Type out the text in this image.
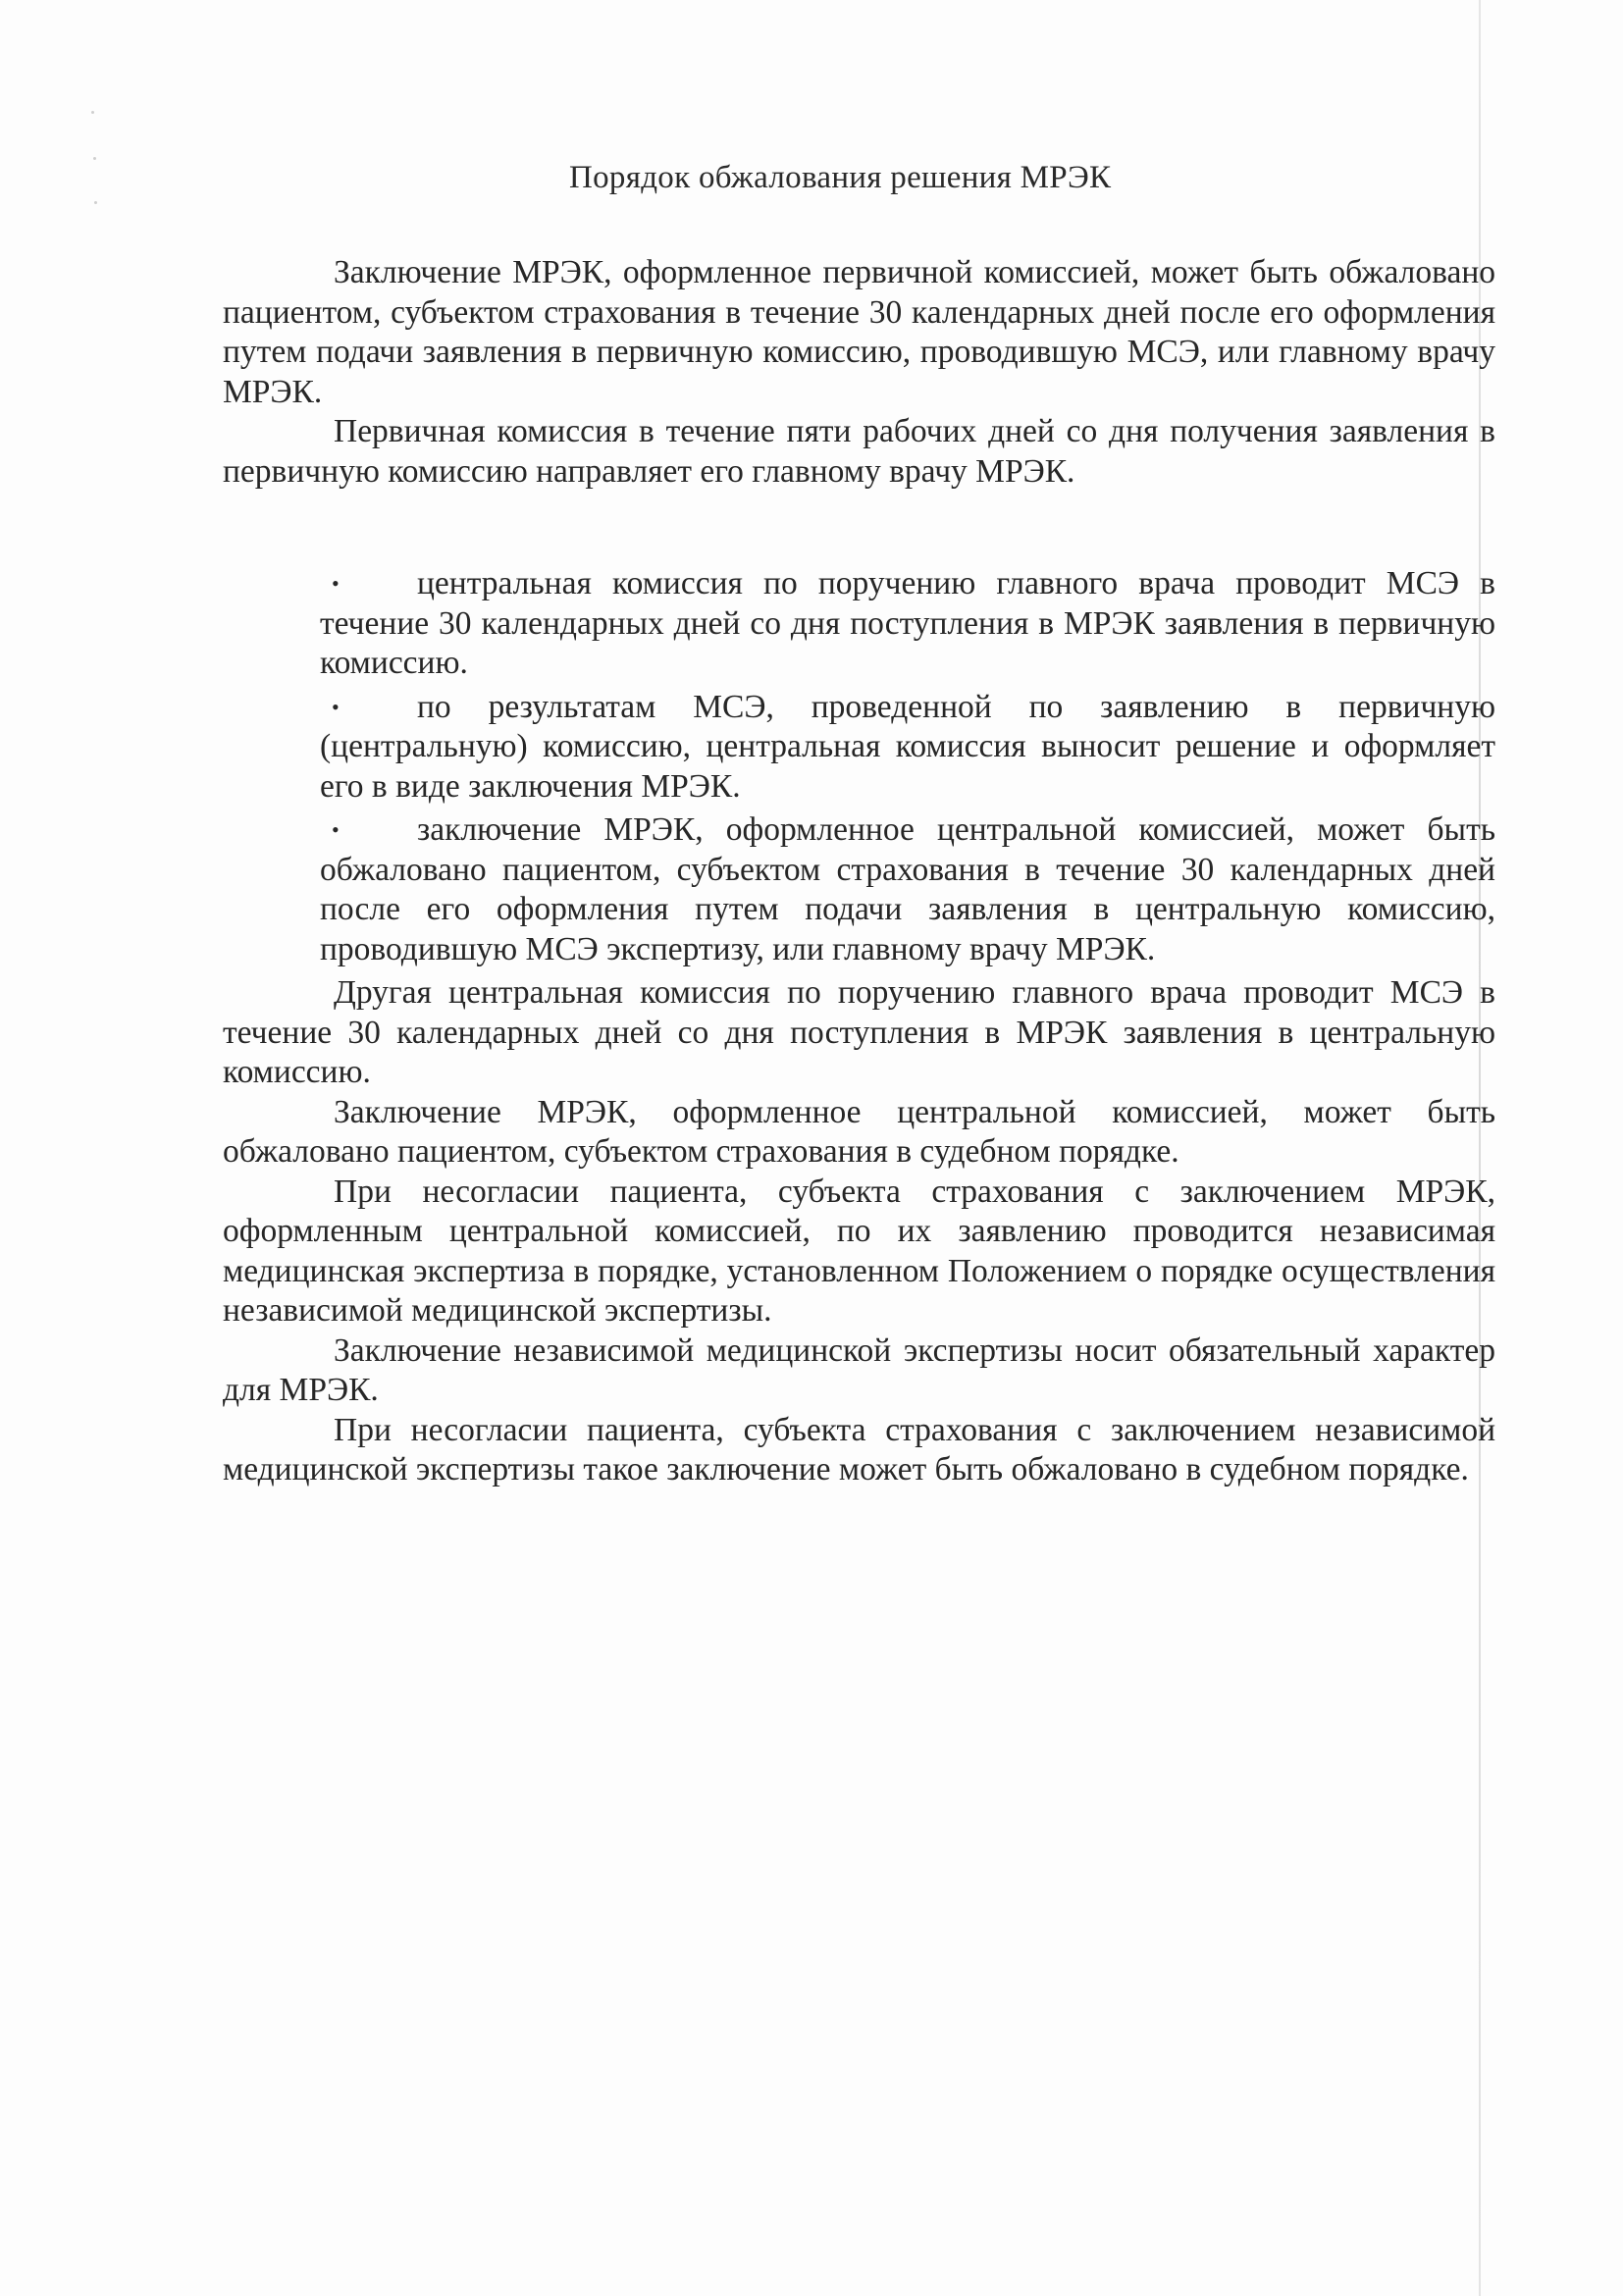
Порядок обжалования решения МРЭК

Заключение МРЭК, оформленное первичной комиссией, может быть обжаловано пациентом, субъектом страхования в течение 30 календарных дней после его оформления путем подачи заявления в первичную комиссию, проводившую МСЭ, или главному врачу МРЭК.

Первичная комиссия в течение пяти рабочих дней со дня получения заявления в первичную комиссию направляет его главному врачу МРЭК.

• центральная комиссия по поручению главного врача проводит МСЭ в течение 30 календарных дней со дня поступления в МРЭК заявления в первичную комиссию.
• по результатам МСЭ, проведенной по заявлению в первичную (центральную) комиссию, центральная комиссия выносит решение и оформляет его в виде заключения МРЭК.
• заключение МРЭК, оформленное центральной комиссией, может быть обжаловано пациентом, субъектом страхования в течение 30 календарных дней после его оформления путем подачи заявления в центральную комиссию, проводившую МСЭ экспертизу, или главному врачу МРЭК.

Другая центральная комиссия по поручению главного врача проводит МСЭ в течение 30 календарных дней со дня поступления в МРЭК заявления в центральную комиссию.

Заключение МРЭК, оформленное центральной комиссией, может быть обжаловано пациентом, субъектом страхования в судебном порядке.

При несогласии пациента, субъекта страхования с заключением МРЭК, оформленным центральной комиссией, по их заявлению проводится независимая медицинская экспертиза в порядке, установленном Положением о порядке осуществления независимой медицинской экспертизы.

Заключение независимой медицинской экспертизы носит обязательный характер для МРЭК.

При несогласии пациента, субъекта страхования с заключением независимой медицинской экспертизы такое заключение может быть обжаловано в судебном порядке.
